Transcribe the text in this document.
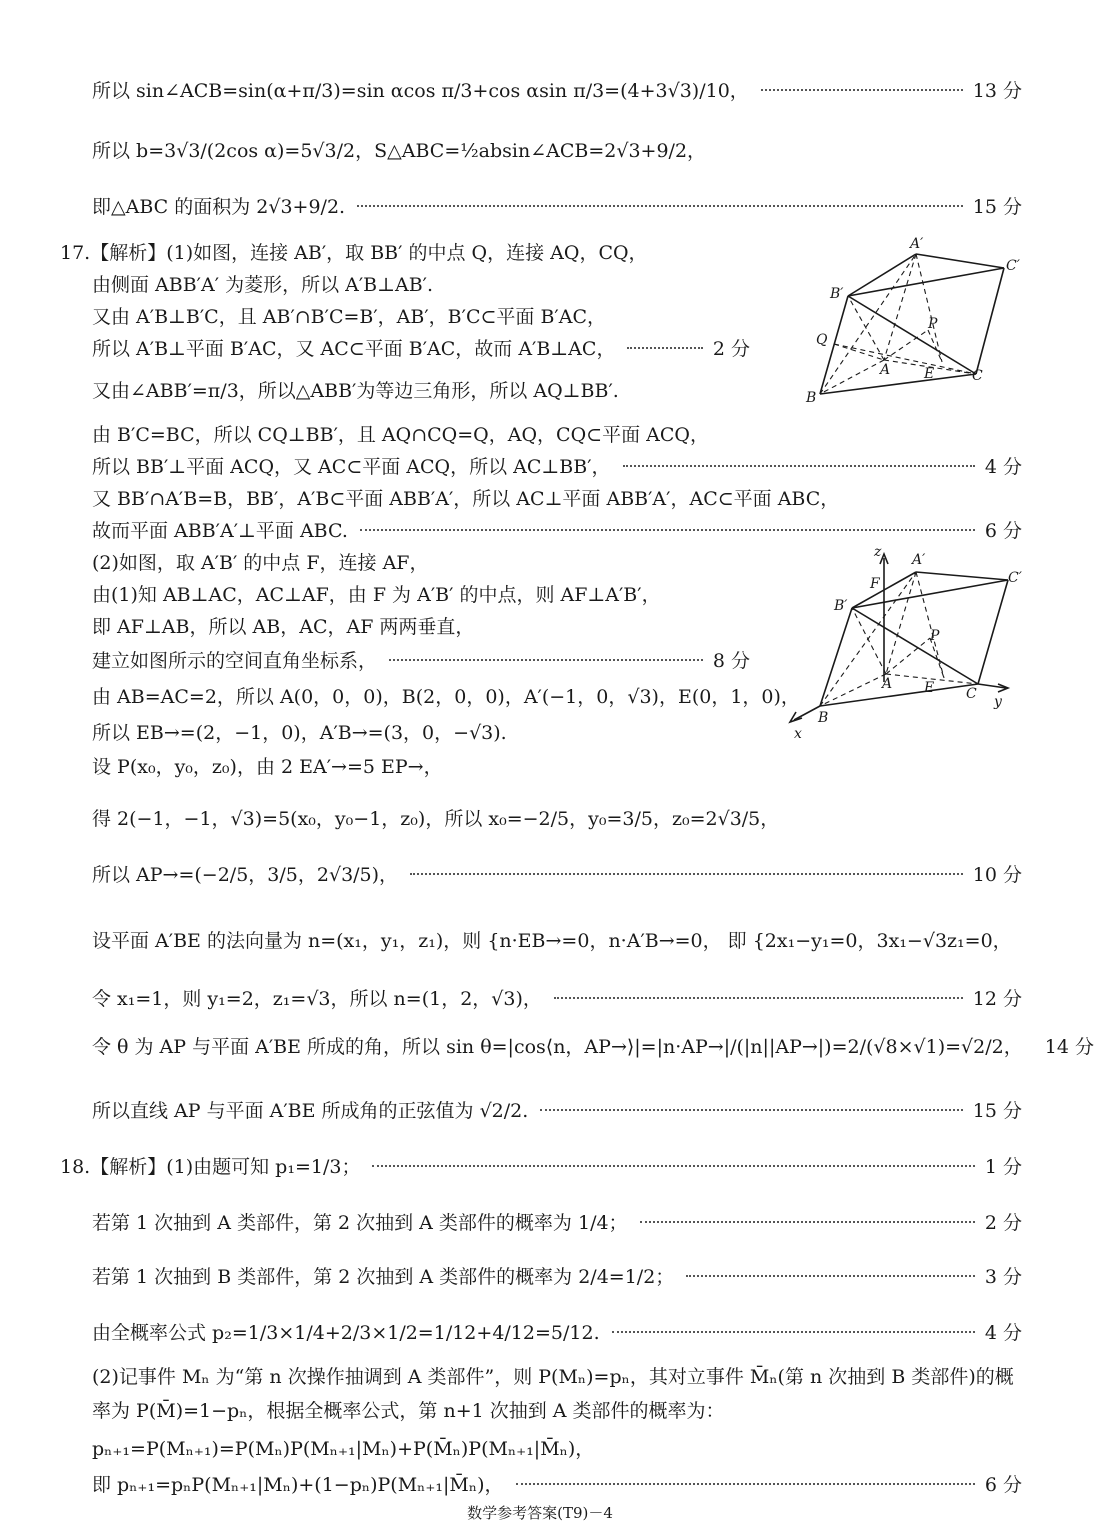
所以 sin∠ACB=sin(α+π/3)=sin αcos π/3+cos αsin π/3=(4+3√3)/10，	13 分
所以 b=3√3/(2cos α)=5√3/2，S△ABC=½absin∠ACB=2√3+9/2，
即△ABC 的面积为 2√3+9/2.	15 分
17.【解析】(1)如图，连接 AB′，取 BB′ 的中点 Q，连接 AQ，CQ，
由侧面 ABB′A′ 为菱形，所以 A′B⊥AB′.
又由 A′B⊥B′C，且 AB′∩B′C=B′，AB′，B′C⊂平面 B′AC，
所以 A′B⊥平面 B′AC，又 AC⊂平面 B′AC，故而 A′B⊥AC，	2 分
又由∠ABB′=π/3，所以△ABB′为等边三角形，所以 AQ⊥BB′.
由 B′C=BC，所以 CQ⊥BB′，且 AQ∩CQ=Q，AQ，CQ⊂平面 ACQ，
所以 BB′⊥平面 ACQ，又 AC⊂平面 ACQ，所以 AC⊥BB′，	4 分
又 BB′∩A′B=B，BB′，A′B⊂平面 ABB′A′，所以 AC⊥平面 ABB′A′，AC⊂平面 ABC，
故而平面 ABB′A′⊥平面 ABC.	6 分
(2)如图，取 A′B′ 的中点 F，连接 AF，
由(1)知 AB⊥AC，AC⊥AF，由 F 为 A′B′ 的中点，则 AF⊥A′B′，
即 AF⊥AB，所以 AB，AC，AF 两两垂直，
建立如图所示的空间直角坐标系，	8 分
由 AB=AC=2，所以 A(0，0，0)，B(2，0，0)，A′(−1，0，√3)，E(0，1，0)，
所以 EB→=(2，−1，0)，A′B→=(3，0，−√3).
设 P(x₀，y₀，z₀)，由 2 EA′→=5 EP→，
得 2(−1，−1，√3)=5(x₀，y₀−1，z₀)，所以 x₀=−2/5，y₀=3/5，z₀=2√3/5，
所以 AP→=(−2/5，3/5，2√3/5)，	10 分
设平面 A′BE 的法向量为 n=(x₁，y₁，z₁)，则 {n·EB→=0，n·A′B→=0， 即 {2x₁−y₁=0，3x₁−√3z₁=0，
令 x₁=1，则 y₁=2，z₁=√3，所以 n=(1，2，√3)，	12 分
令 θ 为 AP 与平面 A′BE 所成的角，所以 sin θ=|cos⟨n，AP→⟩|=|n·AP→|/(|n||AP→|)=2/(√8×√1)=√2/2， 14 分
所以直线 AP 与平面 A′BE 所成角的正弦值为 √2/2.	15 分
18.【解析】(1)由题可知 p₁=1/3；	1 分
若第 1 次抽到 A 类部件，第 2 次抽到 A 类部件的概率为 1/4；	2 分
若第 1 次抽到 B 类部件，第 2 次抽到 A 类部件的概率为 2/4=1/2；	3 分
由全概率公式 p₂=1/3×1/4+2/3×1/2=1/12+4/12=5/12.	4 分
(2)记事件 Mₙ 为“第 n 次操作抽调到 A 类部件”，则 P(Mₙ)=pₙ，其对立事件 M̄ₙ(第 n 次抽到 B 类部件)的概
率为 P(M̄)=1−pₙ，根据全概率公式，第 n+1 次抽到 A 类部件的概率为：
pₙ₊₁=P(Mₙ₊₁)=P(Mₙ)P(Mₙ₊₁|Mₙ)+P(M̄ₙ)P(Mₙ₊₁|M̄ₙ)，
即 pₙ₊₁=pₙP(Mₙ₊₁|Mₙ)+(1−pₙ)P(Mₙ₊₁|M̄ₙ)，	6 分
A′
C′
B′
P
Q
A E	C
B
z A′
C′
F
B′
P
A E C y
B
x
数学参考答案(T9)－4
